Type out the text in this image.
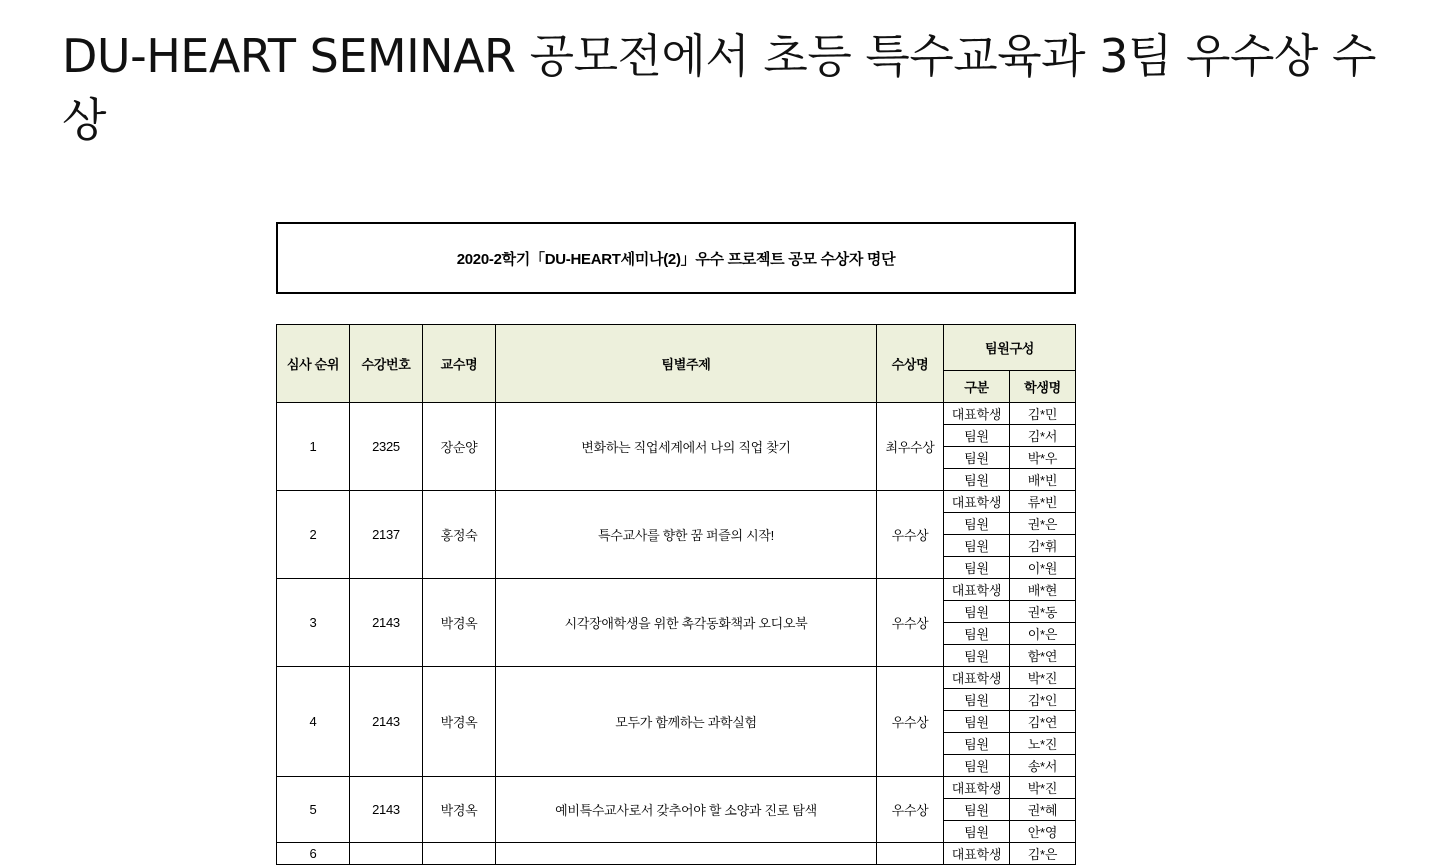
DU-HEART SEMINAR 공모전에서 초등 특수교육과 3팀 우수상 수상
2020-2학기「DU-HEART세미나(2)」우수 프로젝트 공모 수상자 명단
심사 순위	수강번호	교수명	팀별주제	수상명	팀원구성	
					구분	학생명
1	2325	장순양	변화하는 직업세계에서 나의 직업 찾기	최우수상	대표학생	김*민
					팀원	김*서
					팀원	박*우
					팀원	배*빈
2	2137	홍정숙	특수교사를 향한 꿈 퍼즐의 시작!	우수상	대표학생	류*빈
					팀원	권*은
					팀원	김*휘
					팀원	이*원
3	2143	박경옥	시각장애학생을 위한 촉각동화책과 오디오북	우수상	대표학생	배*현
					팀원	권*동
					팀원	이*은
					팀원	함*연
4	2143	박경옥	모두가 함께하는 과학실험	우수상	대표학생	박*진
					팀원	김*인
					팀원	김*연
					팀원	노*진
					팀원	송*서
5	2143	박경옥	예비특수교사로서 갖추어야 할 소양과 진로 탐색	우수상	대표학생	박*진
					팀원	권*혜
					팀원	안*영
6					대표학생	김*은
